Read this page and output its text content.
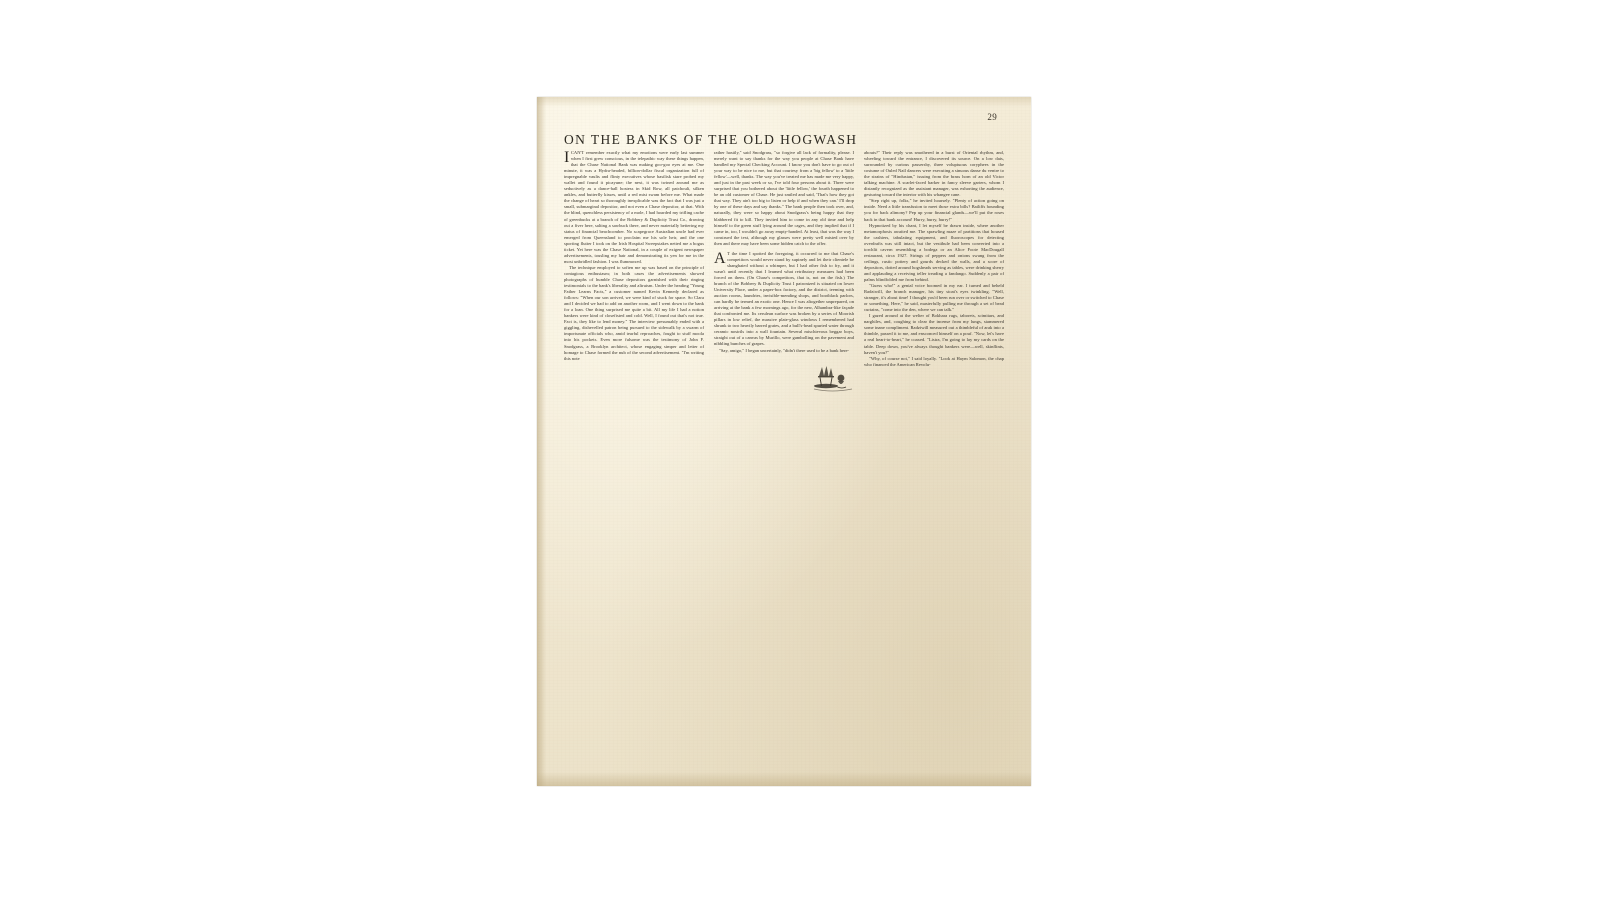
29
ON THE BANKS OF THE OLD HOGWASH

ICAN'T remember exactly what my emotions were early last summer when I first grew conscious, in the telepathic way these things happen, that the Chase National Bank was making goo-goo eyes at me. One minute, it was a Hydra-headed, billion-dollar fiscal organization full of impregnable vaults and flinty executives whose basilisk stare probed my wallet and found it picayune; the next, it was twined around me as seductively as a dance-hall hostess in Skid Row, all patchouli, silken ankles, and butterfly kisses, until a red mist swam before me. What made the change of heart so thoroughly inexplicable was the fact that I was just a small, submarginal depositor, and not even a Chase depositor, at that. With the blind, quenchless persistency of a mole, I had hoarded my trifling cache of greenbucks at a branch of the Bobbery & Duplicity Trust Co., drawing out a fiver here, salting a sawbuck there, and never materially bettering my status of financial beachcomber. No scapegrace Australian uncle had ever emerged from Queensland to proclaim me his sole heir, and the one sporting flutter I took on the Irish Hospital Sweepstakes netted me a bogus ticket. Yet here was the Chase National, in a couple of exigent newspaper advertisements, tousling my hair and demonstrating its yen for me in the most unbridled fashion. I was flummoxed.

The technique employed to soften me up was based on the principle of contagious enthusiasm; in both cases the advertisements showed photographs of humble Chase depositors garnished with their ringing testimonials to the bank's liberality and altruism. Under the heading "Young Father Learns Facts," a customer named Kevin Kennedy declared as follows: "When our son arrived, we were kind of stuck for space. So Clara and I decided we had to add on another room, and I went down to the bank for a loan. One thing surprised me quite a bit. All my life I had a notion bankers were kind of closefisted and cold. Well, I found out that's not true. Fact is, they like to lend money." The interview presumably ended with a giggling, dishevelled patron being pursued to the sidewalk by a swarm of importunate officials who, amid tearful reproaches, fought to stuff moola into his pockets. Even more fulsome was the testimony of John F. Snodgrass, a Brooklyn architect, whose engaging simper and letter of homage to Chase formed the nub of the second advertisement. "I'm writing this note

rather hastily," said Snodgrass, "so forgive all lack of formality, please. I merely want to say thanks for the way you people at Chase Bank have handled my Special Checking Account. I know you don't have to go out of your way to be nice to me, but that courtesy from a 'big fellow' to a 'little fellow'—well, thanks. The way you've treated me has made me very happy, and just in the past week or so, I've told four persons about it. Three were surprised that you bothered about the 'little fellow,' the fourth happened to be an old customer of Chase. He just smiled and said, 'That's how they got that way. They ain't too big to listen or help if and when they can.' I'll drop by one of these days and say thanks." The bank people then took over, and, naturally, they were so happy about Snodgrass's being happy that they blabbered fit to kill. They invited him to come in any old time and help himself to the green stuff lying around the cages, and they implied that if I came in, too, I wouldn't go away empty-handed. At least, that was the way I construed the text, although my glasses were pretty well misted over by then and there may have been some hidden catch to the offer.

AT the time I spotted the foregoing, it occurred to me that Chase's competitors would never stand by supinely and let their clientele be shanghaied without a whimper, but I had other fish to fry, and it wasn't until recently that I learned what retributory measures had been forced on them. (On Chase's competitors, that is, not on the fish.) The branch of the Bobbery & Duplicity Trust I patronized is situated on lower University Place, under a paper-box factory, and the district, teeming with auction rooms, laundries, invisible-mending shops, and bootblack parlors, can hardly be termed an exotic one. Hence I was altogether unprepared, on arriving at the bank a few mornings ago, for the new, Alhambra-like façade that confronted me. Its cerulean surface was broken by a series of Moorish pillars in low relief, the massive plate-glass windows I remembered had shrunk to two heavily barred grates, and a bull's-head spurted water through ceramic nostrils into a wall fountain. Several mischievous beggar boys, straight out of a canvas by Murillo, were gambolling on the pavement and nibbling bunches of grapes.

"Say, amigo," I began uncertainly, "didn't there used to be a bank here-

abouts?" Their reply was smothered in a burst of Oriental rhythm, and, wheeling toward the entrance, I discovered its source. On a low dais, surrounded by curious passersby, three voluptuous coryphees in the costume of Ouled Naïl dancers were executing a sinuous danse du ventre to the strains of "Hindustan," issuing from the brass horn of an old Victor talking machine. A scarlet-faced barker in fancy sleeve garters, whom I distantly recognized as the assistant manager, was exhorting the audience, gesturing toward the interior with his whangee cane.

"Step right up, folks," he invited hoarsely. "Plenty of action going on inside. Need a little transfusion to meet those extra bills? Bailiffs hounding you for back alimony? Pep up your financial glands—we'll put the roses back in that bank account! Hurry, hurry, hurry!"

Hypnotized by his chant, I let myself be drawn inside, where another metamorphosis awaited me. The sprawling maze of partitions that housed the cashiers, tabulating equipment, and fluoroscopes for detecting overdrafts was still intact, but the vestibule had been converted into a torchlit cavern resembling a bodega or an Alice Foote MacDougall restaurant, circa 1927. Strings of peppers and onions swung from the ceilings, rustic pottery and gourds decked the walls, and a score of depositors, dotted around hogsheads serving as tables, were drinking sherry and applauding a receiving teller treading a fandango. Suddenly a pair of palms blindfolded me from behind.

"Guess who!" a genial voice boomed in my ear. I turned and beheld Radziwill, the branch manager, his tiny stoat's eyes twinkling. "Well, stranger, it's about time! I thought you'd been run over or switched to Chase or something. Here," he said, masterfully pulling me through a set of bead curtains, "come into the den, where we can talk."

I gazed around at the welter of Bokhara rugs, taborets, scimitars, and narghiles, and, coughing to clear the incense from my lungs, stammered some inane compliment. Radziwill measured out a thimbleful of arak into a thimble, passed it to me, and ensconced himself on a pouf. "Now, let's have a real heart-to-heart," he coaxed. "Listra, I'm going to lay my cards on the table. Deep down, you've always thought bankers were—well, skinflints, haven't you?"

"Why, of course not," I said loyally. "Look at Haym Salomon, the chap who financed the American Revolu-
